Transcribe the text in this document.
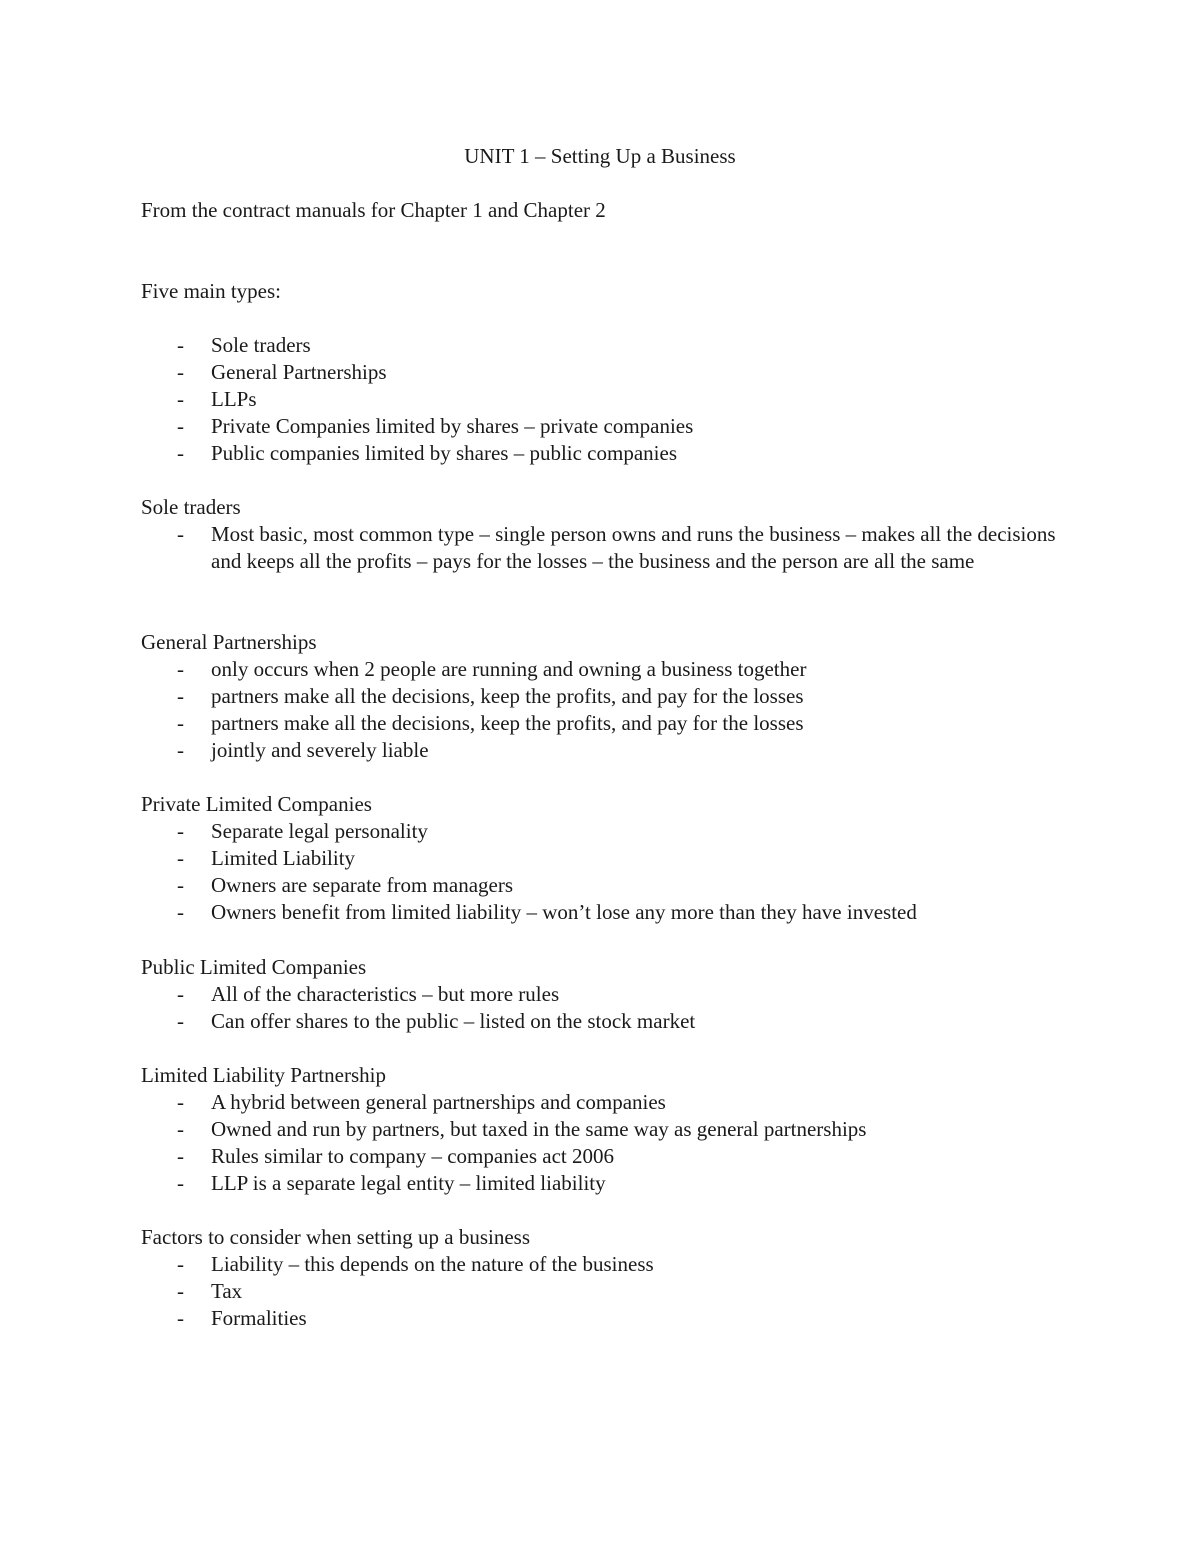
UNIT 1 – Setting Up a Business

From the contract manuals for Chapter 1 and Chapter 2

Five main types:

- Sole traders
- General Partnerships
- LLPs
- Private Companies limited by shares – private companies
- Public companies limited by shares – public companies

Sole traders

- Most basic, most common type – single person owns and runs the business – makes all the decisions and keeps all the profits – pays for the losses – the business and the person are all the same

General Partnerships

- only occurs when 2 people are running and owning a business together
- partners make all the decisions, keep the profits, and pay for the losses
- partners make all the decisions, keep the profits, and pay for the losses
- jointly and severely liable

Private Limited Companies

- Separate legal personality
- Limited Liability
- Owners are separate from managers
- Owners benefit from limited liability – won’t lose any more than they have invested

Public Limited Companies

- All of the characteristics – but more rules
- Can offer shares to the public – listed on the stock market

Limited Liability Partnership

- A hybrid between general partnerships and companies
- Owned and run by partners, but taxed in the same way as general partnerships
- Rules similar to company – companies act 2006
- LLP is a separate legal entity – limited liability

Factors to consider when setting up a business

- Liability – this depends on the nature of the business
- Tax
- Formalities
